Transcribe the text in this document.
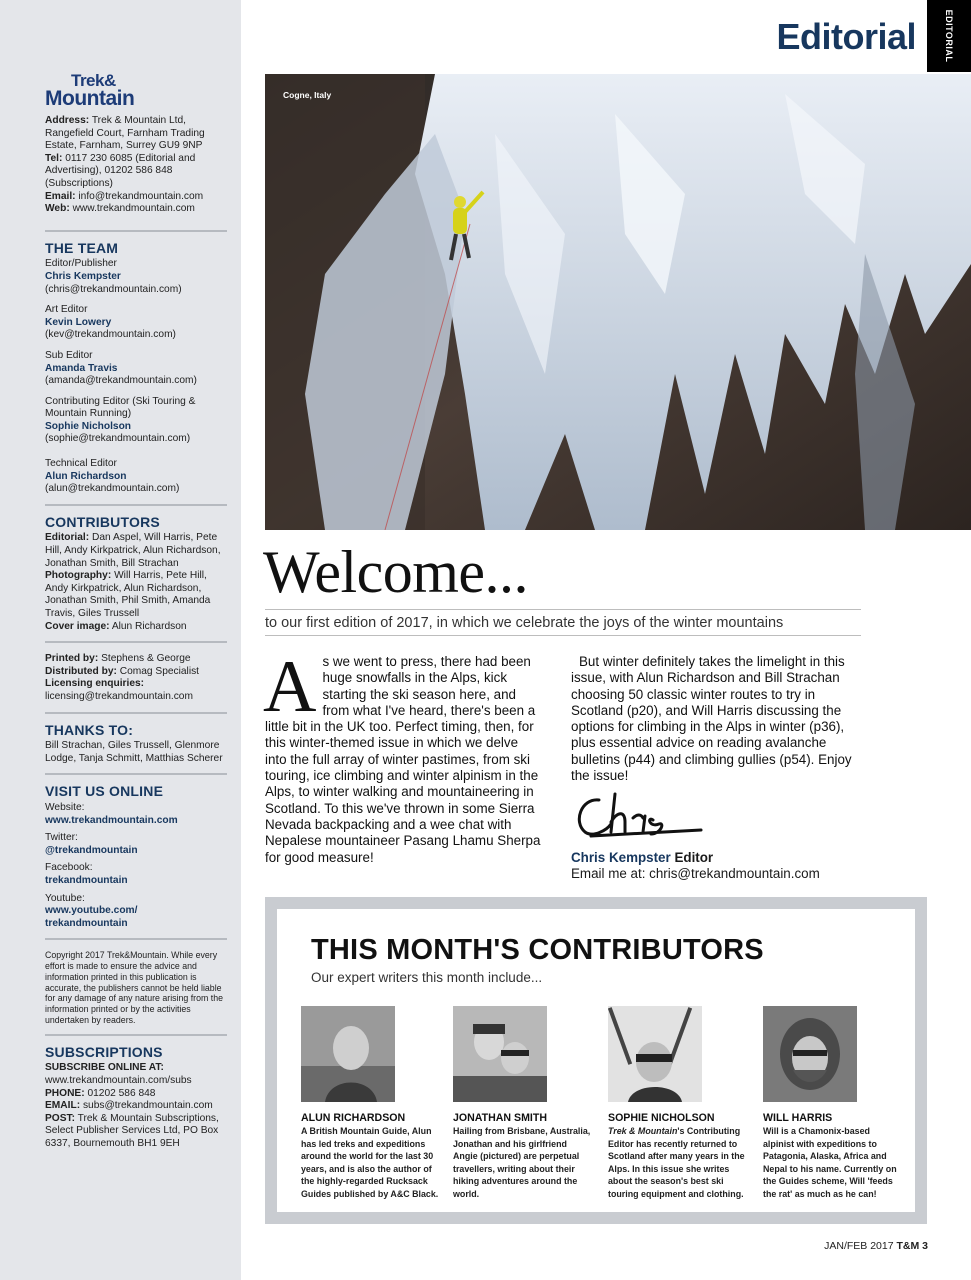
Trek&
Mountain
Address: Trek & Mountain Ltd, Rangefield Court, Farnham Trading Estate, Farnham, Surrey GU9 9NP
Tel: 0117 230 6085 (Editorial and Advertising), 01202 586 848 (Subscriptions)
Email: info@trekandmountain.com
Web: www.trekandmountain.com
THE TEAM
Editor/Publisher
Chris Kempster
(chris@trekandmountain.com)
Art Editor
Kevin Lowery
(kev@trekandmountain.com)
Sub Editor
Amanda Travis
(amanda@trekandmountain.com)
Contributing Editor (Ski Touring & Mountain Running)
Sophie Nicholson
(sophie@trekandmountain.com)
Technical Editor
Alun Richardson
(alun@trekandmountain.com)
CONTRIBUTORS
Editorial: Dan Aspel, Will Harris, Pete Hill, Andy Kirkpatrick, Alun Richardson, Jonathan Smith, Bill Strachan
Photography: Will Harris, Pete Hill, Andy Kirkpatrick, Alun Richardson, Jonathan Smith, Phil Smith, Amanda Travis, Giles Trussell
Cover image: Alun Richardson
Printed by: Stephens & George
Distributed by: Comag Specialist
Licensing enquiries:
licensing@trekandmountain.com
THANKS TO:
Bill Strachan, Giles Trussell, Glenmore Lodge, Tanja Schmitt, Matthias Scherer
VISIT US ONLINE
Website:
www.trekandmountain.com
Twitter:
@trekandmountain
Facebook:
trekandmountain
Youtube:
www.youtube.com/ trekandmountain
Copyright 2017 Trek&Mountain. While every effort is made to ensure the advice and information printed in this publication is accurate, the publishers cannot be held liable for any damage of any nature arising from the information printed or by the activities undertaken by readers.
SUBSCRIPTIONS
SUBSCRIBE ONLINE AT:
www.trekandmountain.com/subs
PHONE: 01202 586 848
EMAIL: subs@trekandmountain.com
POST: Trek & Mountain Subscriptions, Select Publisher Services Ltd, PO Box 6337, Bournemouth BH1 9EH
Editorial	EDITORIAL
Cogne, Italy
Welcome...
to our first edition of 2017, in which we celebrate the joys of the winter mountains
A s we went to press, there had been huge snowfalls in the Alps, kick starting the ski season here, and from what I've heard, there's been a little bit in the UK too. Perfect timing, then, for this winter-themed issue in which we delve into the full array of winter pastimes, from ski touring, ice climbing and winter alpinism in the Alps, to winter walking and mountaineering in Scotland. To this we've thrown in some Sierra Nevada backpacking and a wee chat with Nepalese mountaineer Pasang Lhamu Sherpa for good measure!
But winter definitely takes the limelight in this issue, with Alun Richardson and Bill Strachan choosing 50 classic winter routes to try in Scotland (p20), and Will Harris discussing the options for climbing in the Alps in winter (p36), plus essential advice on reading avalanche bulletins (p44) and climbing gullies (p54). Enjoy the issue!
Chris
Chris Kempster Editor
Email me at: chris@trekandmountain.com
THIS MONTH'S CONTRIBUTORS
Our expert writers this month include...
ALUN RICHARDSON
A British Mountain Guide, Alun has led treks and expeditions around the world for the last 30 years, and is also the author of the highly-regarded Rucksack Guides published by A&C Black.
JONATHAN SMITH
Hailing from Brisbane, Australia, Jonathan and his girlfriend Angie (pictured) are perpetual travellers, writing about their hiking adventures around the world.
SOPHIE NICHOLSON
Trek & Mountain's Contributing Editor has recently returned to Scotland after many years in the Alps. In this issue she writes about the season's best ski touring equipment and clothing.
WILL HARRIS
Will is a Chamonix-based alpinist with expeditions to Patagonia, Alaska, Africa and Nepal to his name. Currently on the Guides scheme, Will 'feeds the rat' as much as he can!
JAN/FEB 2017 T&M 3
